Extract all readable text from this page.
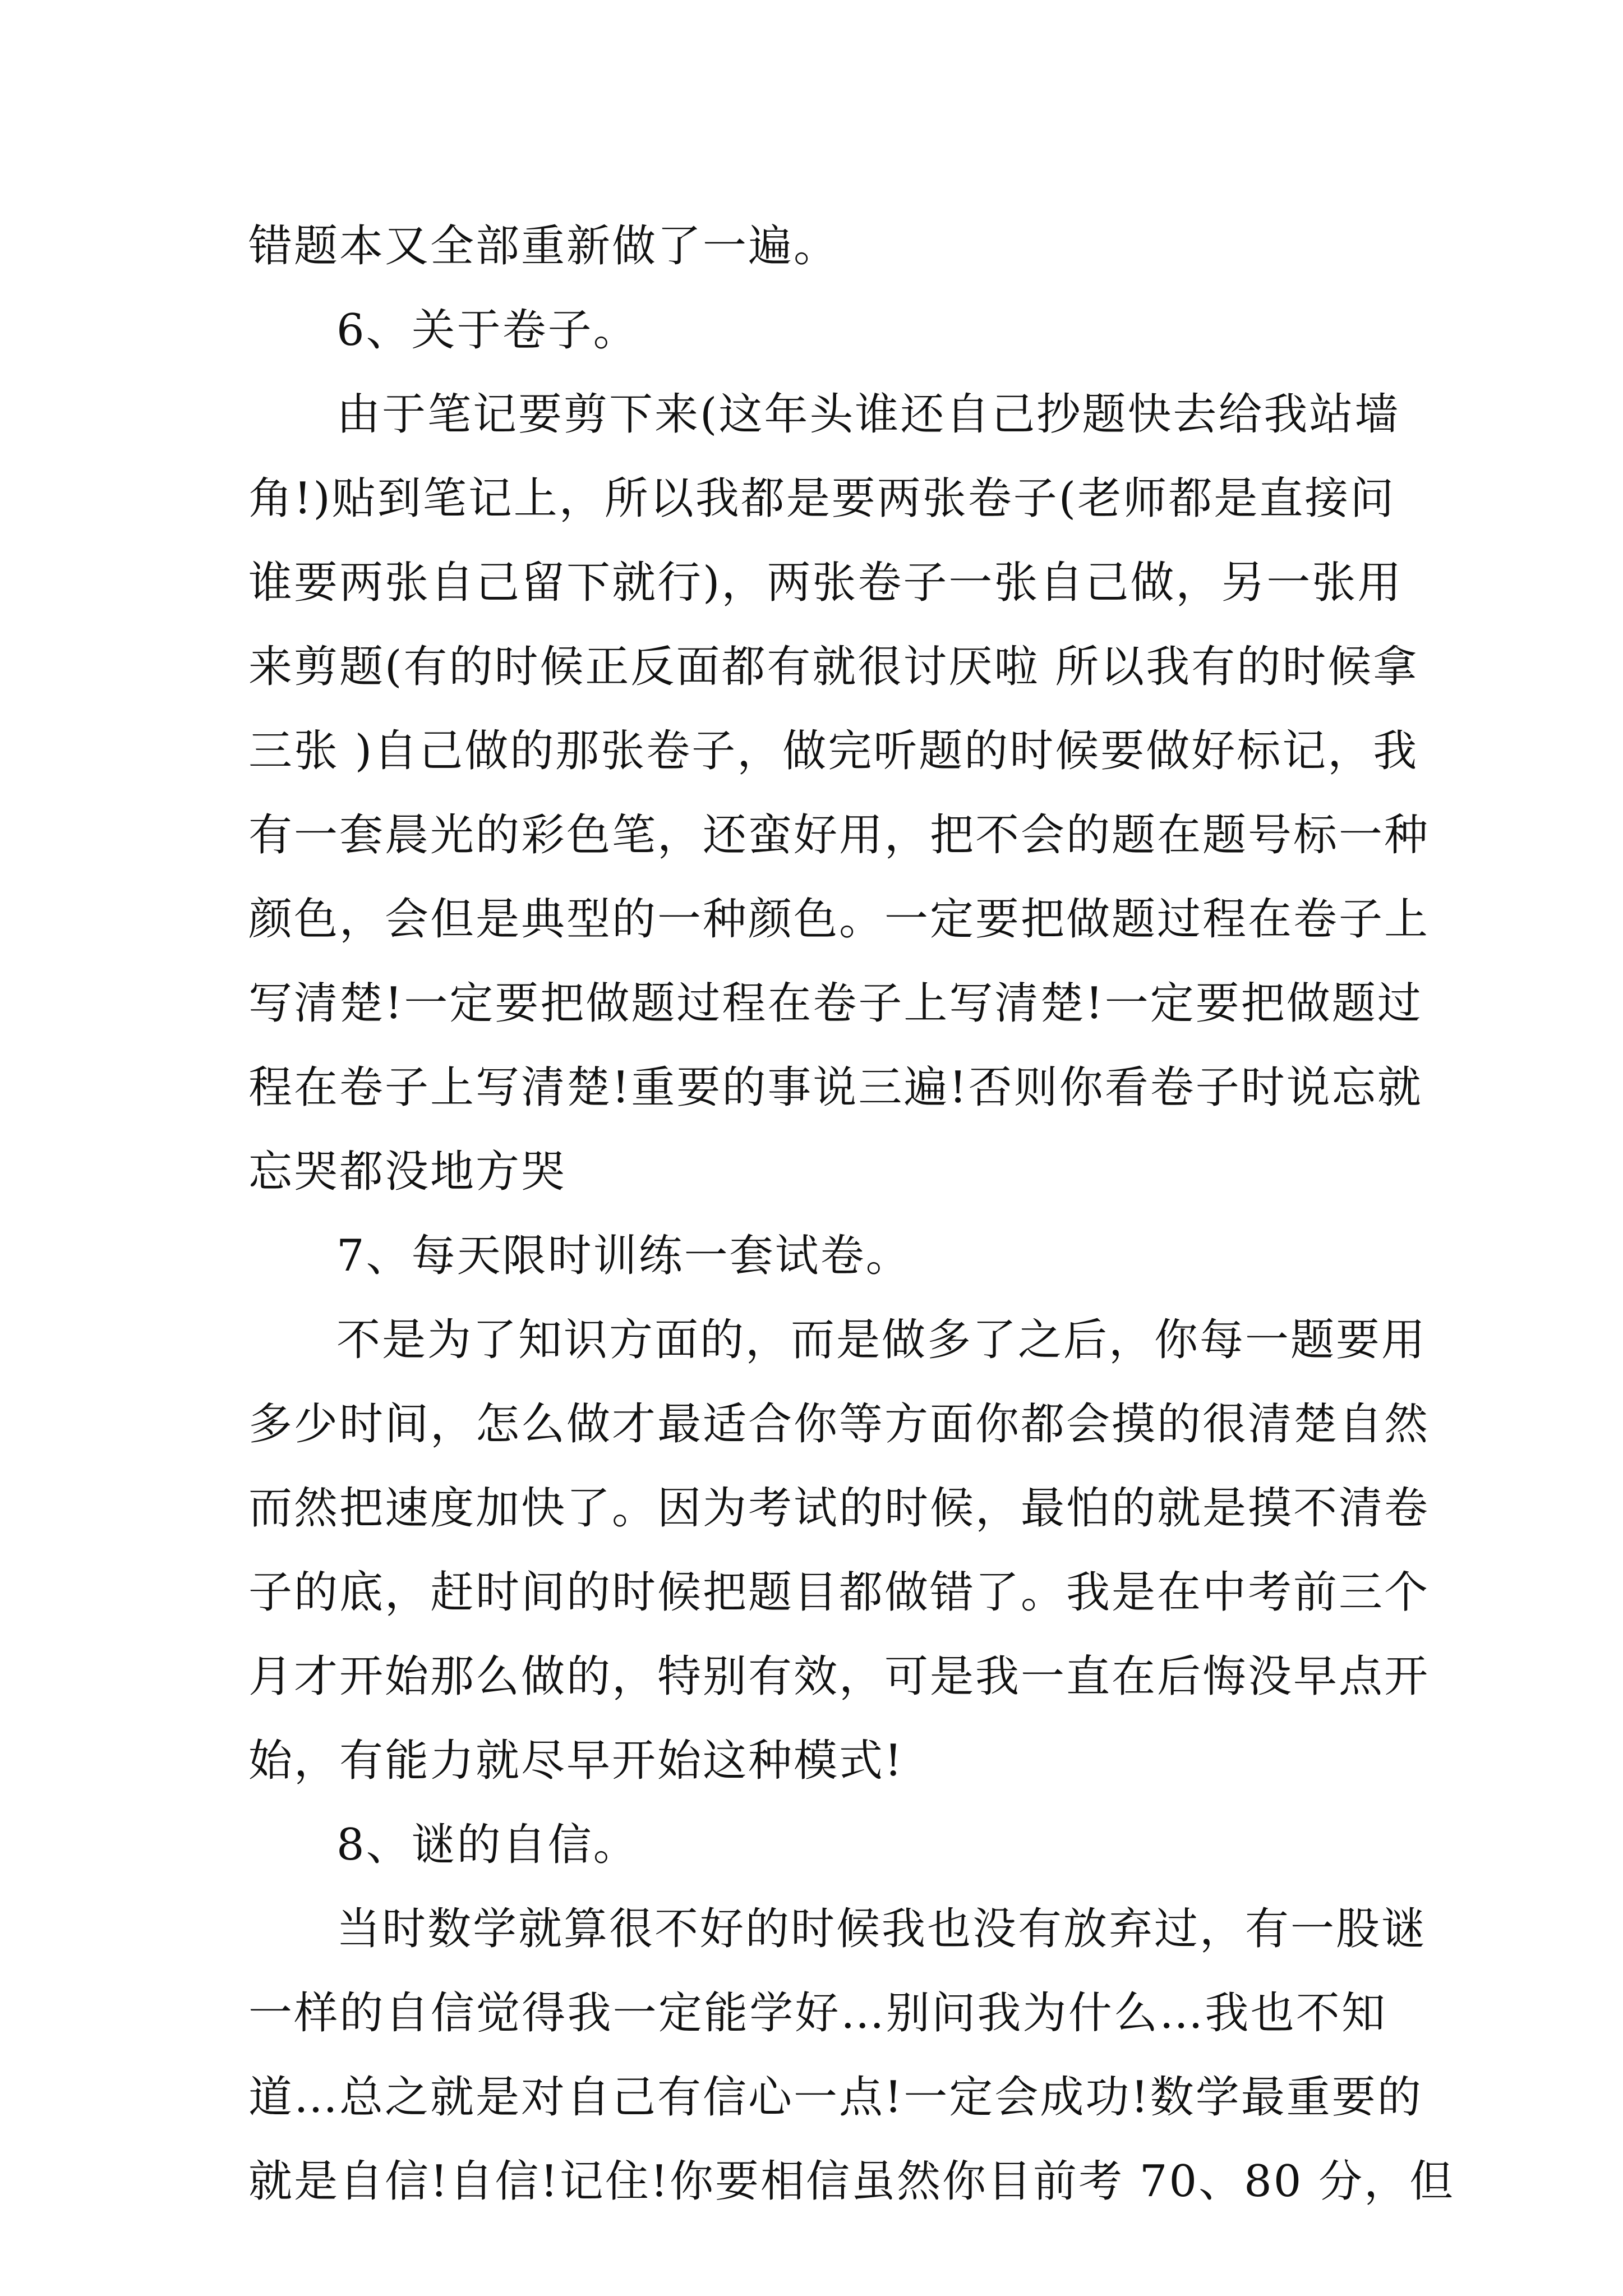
错题本又全部重新做了一遍。
6、关于卷子。
由于笔记要剪下来(这年头谁还自己抄题快去给我站墙
角!)贴到笔记上，所以我都是要两张卷子(老师都是直接问
谁要两张自己留下就行)，两张卷子一张自己做，另一张用
来剪题(有的时候正反面都有就很讨厌啦 所以我有的时候拿
三张 )自己做的那张卷子，做完听题的时候要做好标记，我
有一套晨光的彩色笔，还蛮好用，把不会的题在题号标一种
颜色，会但是典型的一种颜色。一定要把做题过程在卷子上
写清楚!一定要把做题过程在卷子上写清楚!一定要把做题过
程在卷子上写清楚!重要的事说三遍!否则你看卷子时说忘就
忘哭都没地方哭
7、每天限时训练一套试卷。
不是为了知识方面的，而是做多了之后，你每一题要用
多少时间，怎么做才最适合你等方面你都会摸的很清楚自然
而然把速度加快了。因为考试的时候，最怕的就是摸不清卷
子的底，赶时间的时候把题目都做错了。我是在中考前三个
月才开始那么做的，特别有效，可是我一直在后悔没早点开
始，有能力就尽早开始这种模式!
8、谜的自信。
当时数学就算很不好的时候我也没有放弃过，有一股谜
一样的自信觉得我一定能学好…别问我为什么…我也不知
道…总之就是对自己有信心一点!一定会成功!数学最重要的
就是自信!自信!记住!你要相信虽然你目前考 70、80 分，但
